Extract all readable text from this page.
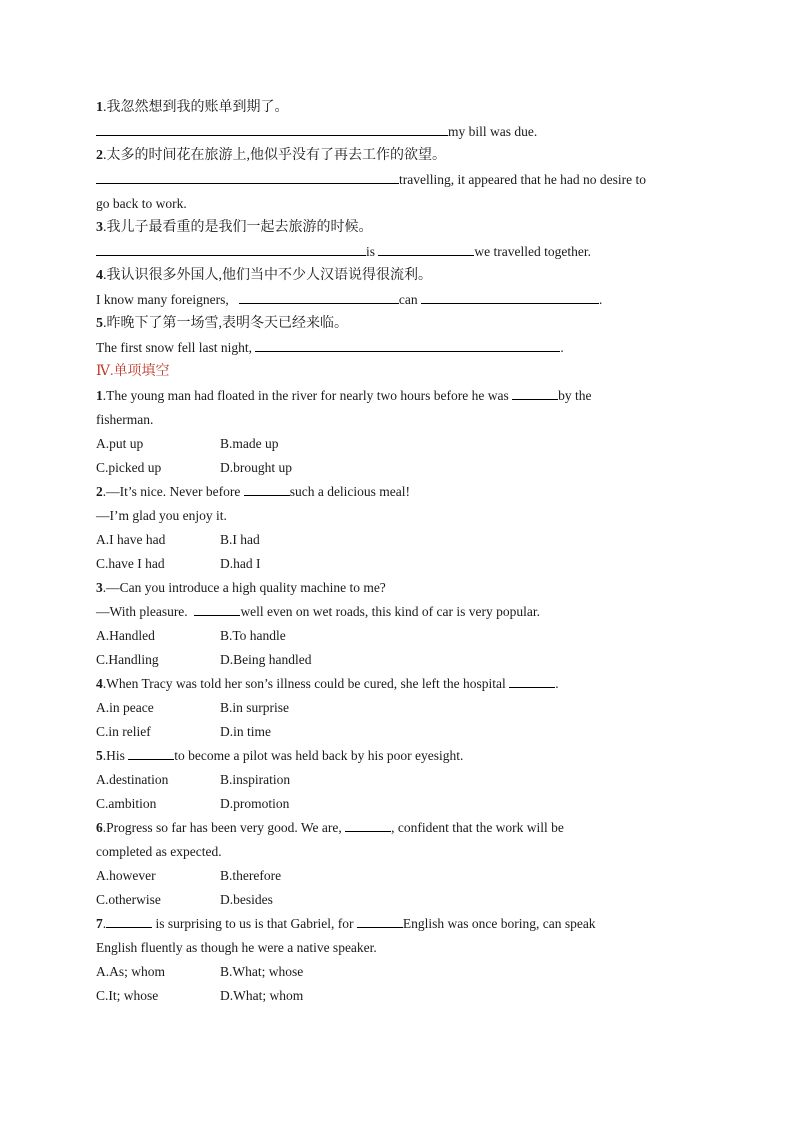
1.我忽然想到我的账单到期了。
my bill was due.
2.太多的时间花在旅游上,他似乎没有了再去工作的欲望。
travelling, it appeared that he had no desire to
go back to work.
3.我儿子最看重的是我们一起去旅游的时候。
is	we travelled together.
4.我认识很多外国人,他们当中不少人汉语说得很流利。
I know many foreigners,	can	.
5.昨晚下了第一场雪,表明冬天已经来临。
The first snow fell last night,	.
Ⅳ.单项填空
1.The young man had floated in the river for nearly two hours before he was	by the
fisherman.
A.put up	B.made up
C.picked up	D.brought up
2.—It’s nice. Never before	such a delicious meal!
—I’m glad you enjoy it.
A.I have had	B.I had
C.have I had	D.had I
3.—Can you introduce a high quality machine to me?
—With pleasure.	well even on wet roads, this kind of car is very popular.
A.Handled	B.To handle
C.Handling	D.Being handled
4.When Tracy was told her son’s illness could be cured, she left the hospital	.
A.in peace	B.in surprise
C.in relief	D.in time
5.His	to become a pilot was held back by his poor eyesight.
A.destination	B.inspiration
C.ambition	D.promotion
6.Progress so far has been very good. We are,	, confident that the work will be
completed as expected.
A.however	B.therefore
C.otherwise	D.besides
7.	is surprising to us is that Gabriel, for	English was once boring, can speak
English fluently as though he were a native speaker.
A.As; whom	B.What; whose
C.It; whose	D.What; whom
